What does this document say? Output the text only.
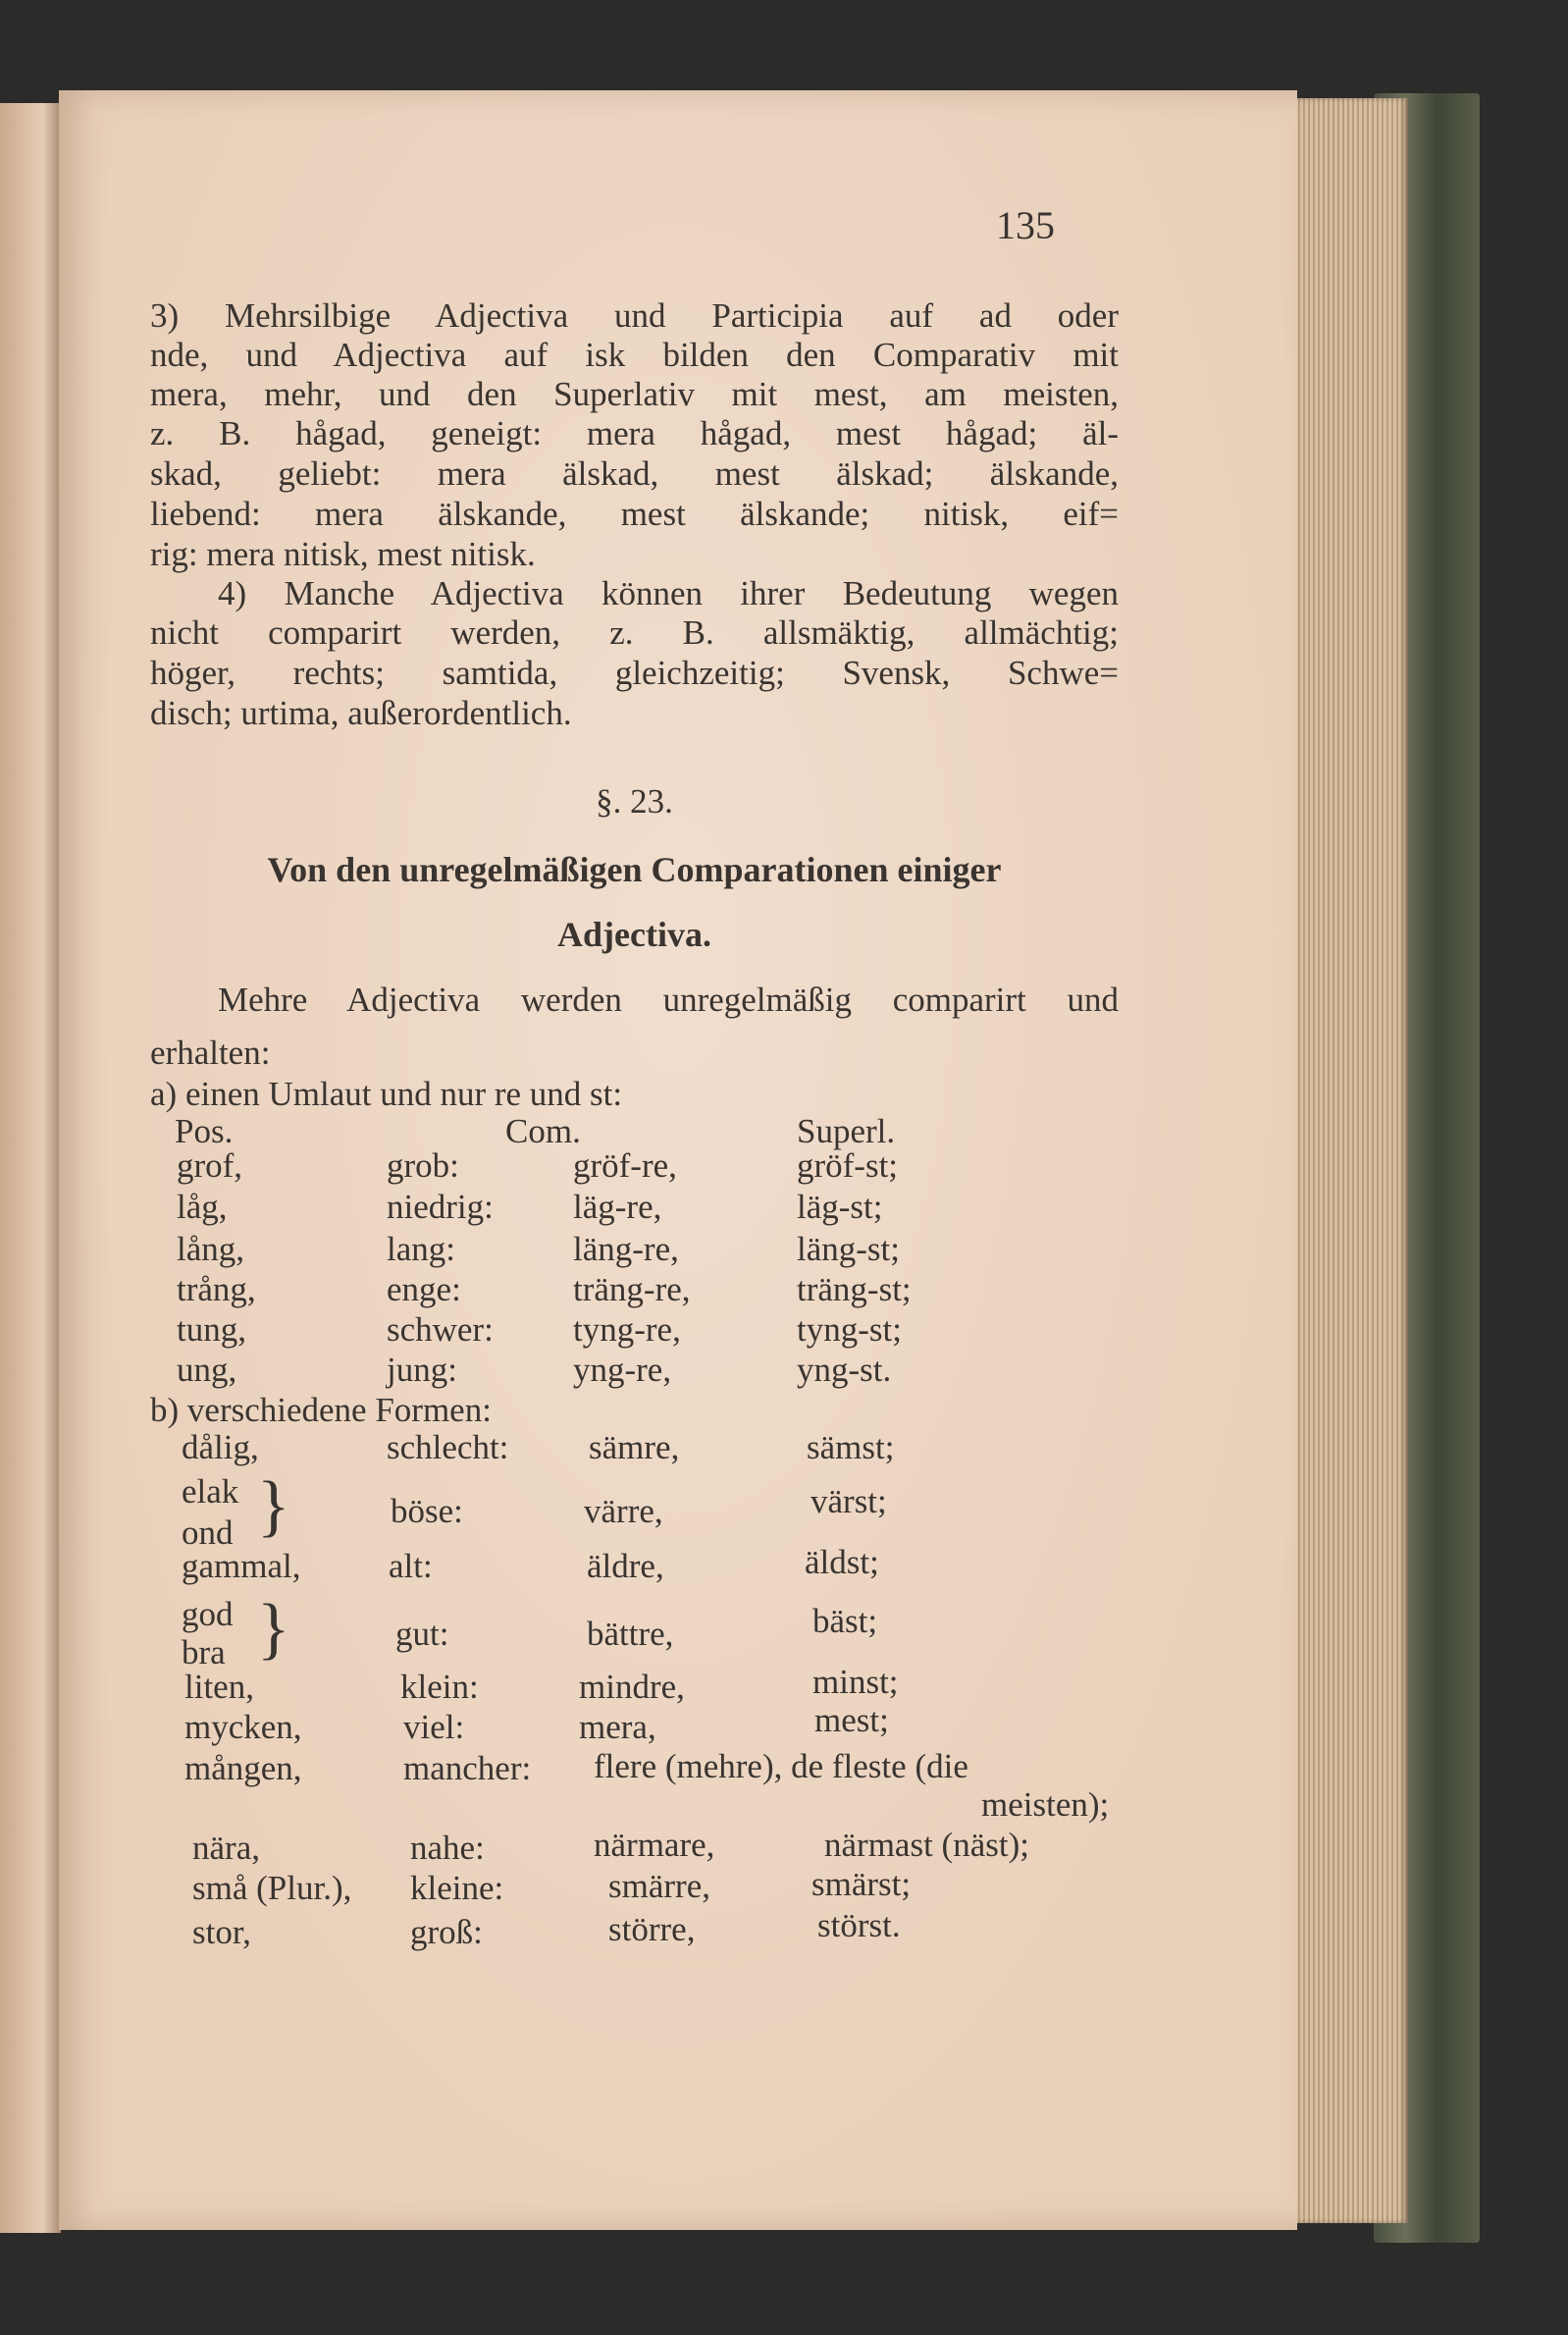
135
3) Mehrsilbige Adjectiva und Participia auf ad oder
nde, und Adjectiva auf isk bilden den Comparativ mit
mera, mehr, und den Superlativ mit mest, am meisten,
z. B. hågad, geneigt: mera hågad, mest hågad; äl-
skad, geliebt: mera älskad, mest älskad; älskande,
liebend: mera älskande, mest älskande; nitisk, eif=
rig: mera nitisk, mest nitisk.
4) Manche Adjectiva können ihrer Bedeutung wegen
nicht comparirt werden, z. B. allsmäktig, allmächtig;
höger, rechts; samtida, gleichzeitig; Svensk, Schwe=
disch; urtima, außerordentlich.
§. 23.
Von den unregelmäßigen Comparationen einiger
Adjectiva.
Mehre Adjectiva werden unregelmäßig comparirt und
erhalten:
a) einen Umlaut und nur re und st:
Pos.	Com.	Superl.
grof,	grob:	gröf-re,	gröf-st;
låg,	niedrig: läg-re,	läg-st;
lång,	lang:	läng-re,	läng-st;
trång,	enge:	träng-re,	träng-st;
tung,	schwer: tyng-re,	tyng-st;
ung,	jung:	yng-re,	yng-st.
b) verschiedene Formen:
dålig,	schlecht: sämre,	sämst;
elak
ond }	böse:	värre,	värst;
gammal,	alt:	äldre,	äldst;
god
bra }	gut:	bättre,	bäst;
liten,	klein:	mindre,	minst;
mycken,	viel:	mera,	mest;
mången,	mancher: flere (mehre), de fleste (die
meisten);
nära,	nahe:	närmare,	närmast (näst);
små (Plur.), kleine:	smärre,	smärst;
stor,	groß:	större,	störst.
